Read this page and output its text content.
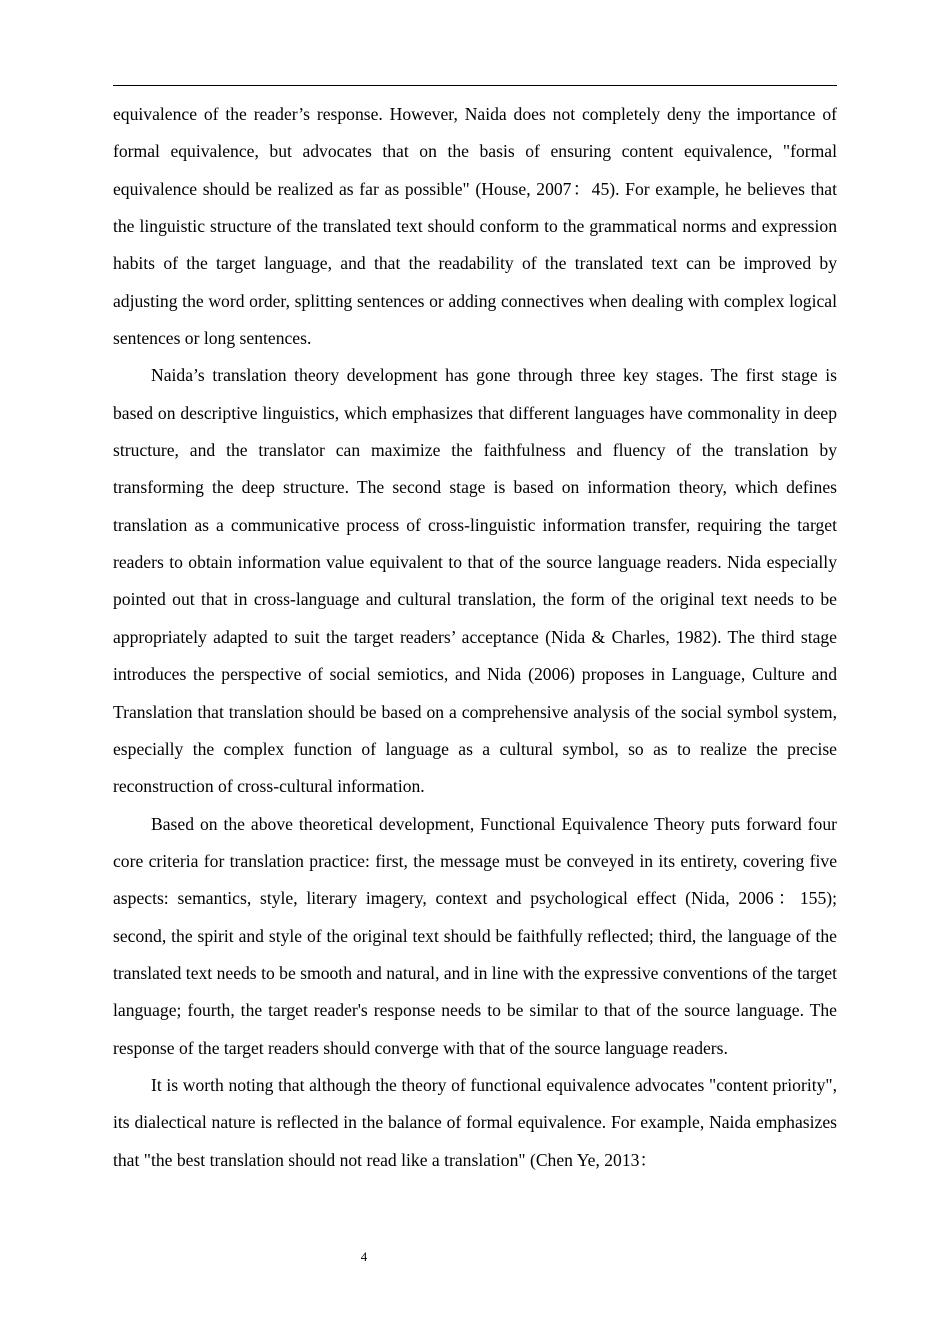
equivalence of the reader’s response. However, Naida does not completely deny the importance of formal equivalence, but advocates that on the basis of ensuring content equivalence, "formal equivalence should be realized as far as possible" (House, 2007：45). For example, he believes that the linguistic structure of the translated text should conform to the grammatical norms and expression habits of the target language, and that the readability of the translated text can be improved by adjusting the word order, splitting sentences or adding connectives when dealing with complex logical sentences or long sentences.

Naida’s translation theory development has gone through three key stages. The first stage is based on descriptive linguistics, which emphasizes that different languages have commonality in deep structure, and the translator can maximize the faithfulness and fluency of the translation by transforming the deep structure. The second stage is based on information theory, which defines translation as a communicative process of cross-linguistic information transfer, requiring the target readers to obtain information value equivalent to that of the source language readers. Nida especially pointed out that in cross-language and cultural translation, the form of the original text needs to be appropriately adapted to suit the target readers’ acceptance (Nida & Charles, 1982). The third stage introduces the perspective of social semiotics, and Nida (2006) proposes in Language, Culture and Translation that translation should be based on a comprehensive analysis of the social symbol system, especially the complex function of language as a cultural symbol, so as to realize the precise reconstruction of cross-cultural information.

Based on the above theoretical development, Functional Equivalence Theory puts forward four core criteria for translation practice: first, the message must be conveyed in its entirety, covering five aspects: semantics, style, literary imagery, context and psychological effect (Nida, 2006：155); second, the spirit and style of the original text should be faithfully reflected; third, the language of the translated text needs to be smooth and natural, and in line with the expressive conventions of the target language; fourth, the target reader's response needs to be similar to that of the source language. The response of the target readers should converge with that of the source language readers.

It is worth noting that although the theory of functional equivalence advocates "content priority", its dialectical nature is reflected in the balance of formal equivalence. For example, Naida emphasizes that "the best translation should not read like a translation" (Chen Ye, 2013：

4
